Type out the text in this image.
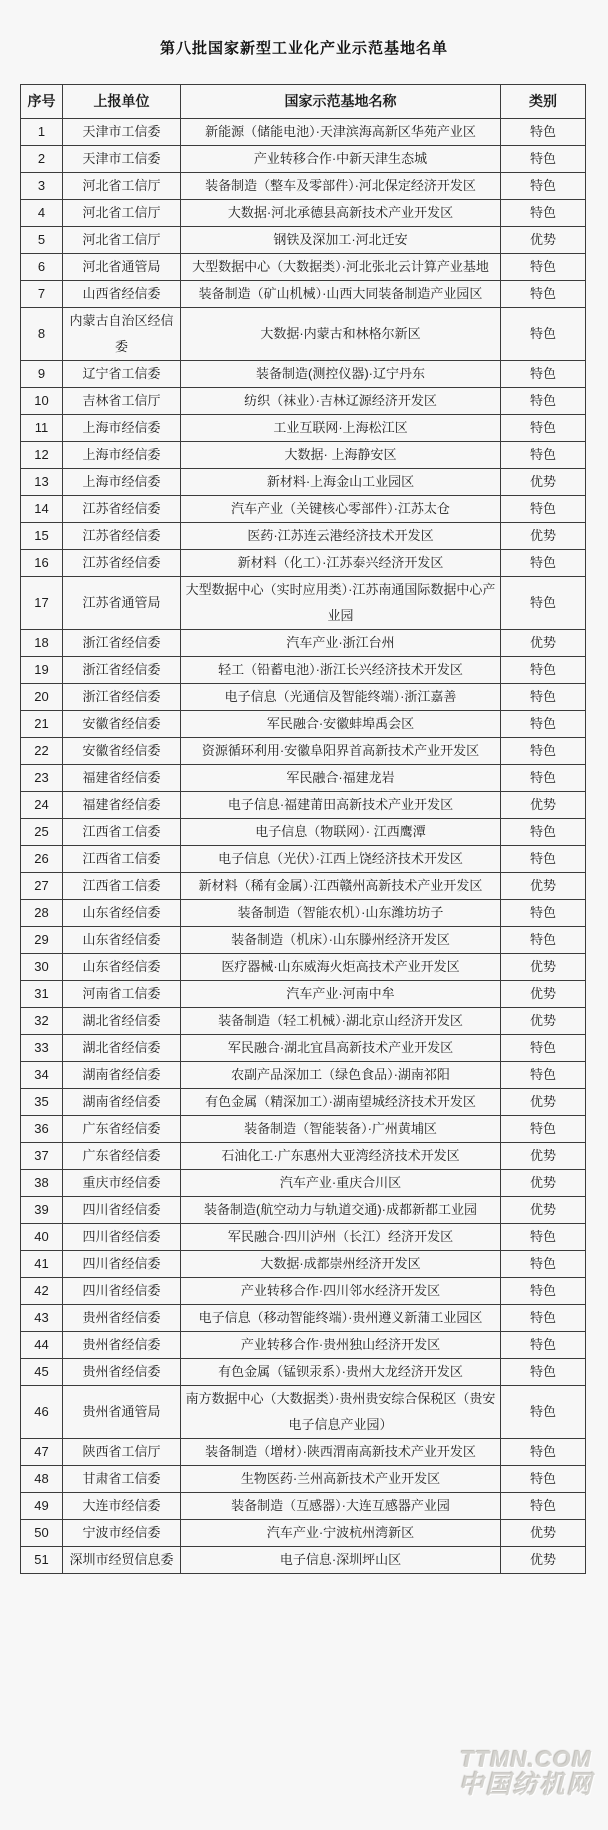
第八批国家新型工业化产业示范基地名单
序号	上报单位	国家示范基地名称	类别
1	天津市工信委	新能源（储能电池）·天津滨海高新区华苑产业区	特色
2	天津市工信委	产业转移合作·中新天津生态城	特色
3	河北省工信厅	装备制造（整车及零部件）·河北保定经济开发区	特色
4	河北省工信厅	大数据·河北承德县高新技术产业开发区	特色
5	河北省工信厅	钢铁及深加工·河北迁安	优势
6	河北省通管局	大型数据中心（大数据类）·河北张北云计算产业基地	特色
7	山西省经信委	装备制造（矿山机械）·山西大同装备制造产业园区	特色
8	内蒙古自治区经信委	大数据·内蒙古和林格尔新区	特色
9	辽宁省工信委	装备制造(测控仪器)·辽宁丹东	特色
10	吉林省工信厅	纺织（袜业）·吉林辽源经济开发区	特色
11	上海市经信委	工业互联网·上海松江区	特色
12	上海市经信委	大数据· 上海静安区	特色
13	上海市经信委	新材料·上海金山工业园区	优势
14	江苏省经信委	汽车产业（关键核心零部件）·江苏太仓	特色
15	江苏省经信委	医药·江苏连云港经济技术开发区	优势
16	江苏省经信委	新材料（化工）·江苏泰兴经济开发区	特色
17	江苏省通管局	大型数据中心（实时应用类）·江苏南通国际数据中心产业园	特色
18	浙江省经信委	汽车产业·浙江台州	优势
19	浙江省经信委	轻工（铅蓄电池）·浙江长兴经济技术开发区	特色
20	浙江省经信委	电子信息（光通信及智能终端）·浙江嘉善	特色
21	安徽省经信委	军民融合·安徽蚌埠禹会区	特色
22	安徽省经信委	资源循环利用·安徽阜阳界首高新技术产业开发区	特色
23	福建省经信委	军民融合·福建龙岩	特色
24	福建省经信委	电子信息·福建莆田高新技术产业开发区	优势
25	江西省工信委	电子信息（物联网）· 江西鹰潭	特色
26	江西省工信委	电子信息（光伏）·江西上饶经济技术开发区	特色
27	江西省工信委	新材料（稀有金属）·江西赣州高新技术产业开发区	优势
28	山东省经信委	装备制造（智能农机）·山东潍坊坊子	特色
29	山东省经信委	装备制造（机床）·山东滕州经济开发区	特色
30	山东省经信委	医疗器械·山东威海火炬高技术产业开发区	优势
31	河南省工信委	汽车产业·河南中牟	优势
32	湖北省经信委	装备制造（轻工机械）·湖北京山经济开发区	优势
33	湖北省经信委	军民融合·湖北宜昌高新技术产业开发区	特色
34	湖南省经信委	农副产品深加工（绿色食品）·湖南祁阳	特色
35	湖南省经信委	有色金属（精深加工）·湖南望城经济技术开发区	优势
36	广东省经信委	装备制造（智能装备）·广州黄埔区	特色
37	广东省经信委	石油化工·广东惠州大亚湾经济技术开发区	优势
38	重庆市经信委	汽车产业·重庆合川区	优势
39	四川省经信委	装备制造(航空动力与轨道交通)·成都新都工业园	优势
40	四川省经信委	军民融合·四川泸州（长江）经济开发区	特色
41	四川省经信委	大数据·成都崇州经济开发区	特色
42	四川省经信委	产业转移合作·四川邻水经济开发区	特色
43	贵州省经信委	电子信息（移动智能终端）·贵州遵义新蒲工业园区	特色
44	贵州省经信委	产业转移合作·贵州独山经济开发区	特色
45	贵州省经信委	有色金属（锰钡汞系）·贵州大龙经济开发区	特色
46	贵州省通管局	南方数据中心（大数据类）·贵州贵安综合保税区（贵安电子信息产业园）	特色
47	陕西省工信厅	装备制造（增材）·陕西渭南高新技术产业开发区	特色
48	甘肃省工信委	生物医药·兰州高新技术产业开发区	特色
49	大连市经信委	装备制造（互感器）·大连互感器产业园	特色
50	宁波市经信委	汽车产业·宁波杭州湾新区	优势
51	深圳市经贸信息委	电子信息·深圳坪山区	优势
TTMN.COM
中国纺机网
